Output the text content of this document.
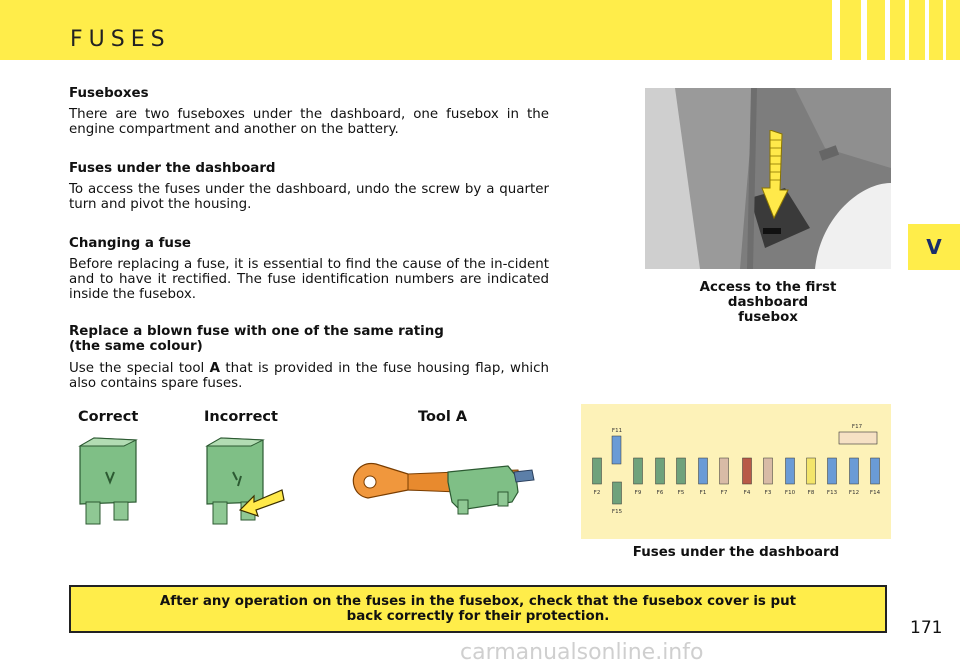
FUSES
V
Fuseboxes

There are two fuseboxes under the dashboard, one fusebox in the engine compartment and another on the battery.

Fuses under the dashboard

To access the fuses under the dashboard, undo the screw by a quarter turn and pivot the housing.

Changing a fuse

Before replacing a fuse, it is essential to find the cause of the in-cident and to have it rectified. The fuse identification numbers are indicated inside the fusebox.

Replace a blown fuse with one of the same rating
(the same colour)

Use the special tool A that is provided in the fuse housing flap, which also contains spare fuses.

Access to the first
dashboard
fusebox
Correct	Incorrect	Tool A
F11
F17
F2	F9	F6	F5	F1	F7	F4	F3 F10 F8 F13 F12 F14
F15
Fuses under the dashboard
After any operation on the fuses in the fusebox, check that the fusebox cover is put back correctly for their protection.
171
carmanualsonline.info
